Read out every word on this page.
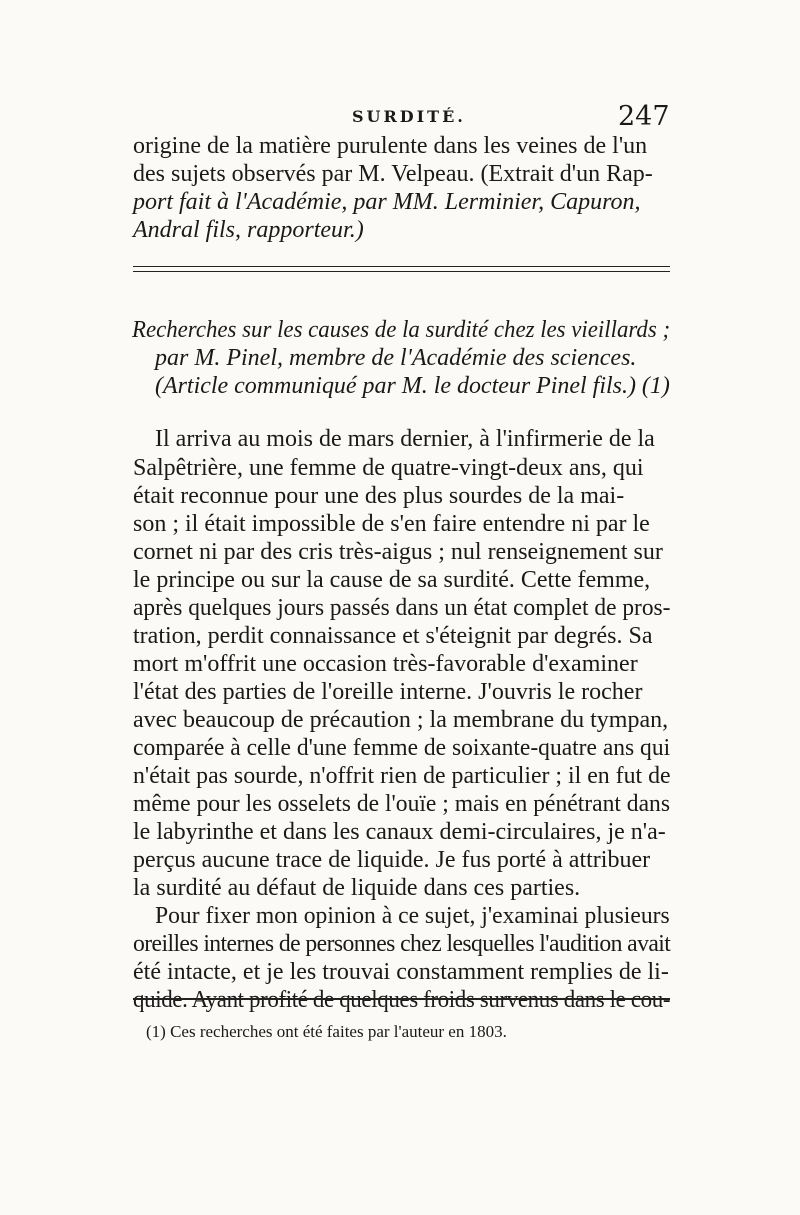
SURDITÉ.	247
origine de la matière purulente dans les veines de l'un
des sujets observés par M. Velpeau. (Extrait d'un Rap-
port fait à l'Académie, par MM. Lerminier, Capuron,
Andral fils, rapporteur.)
Recherches sur les causes de la surdité chez les vieillards ;
par M. Pinel, membre de l'Académie des sciences.
(Article communiqué par M. le docteur Pinel fils.) (1)
Il arriva au mois de mars dernier, à l'infirmerie de la
Salpêtrière, une femme de quatre-vingt-deux ans, qui
était reconnue pour une des plus sourdes de la mai-
son ; il était impossible de s'en faire entendre ni par le
cornet ni par des cris très-aigus ; nul renseignement sur
le principe ou sur la cause de sa surdité. Cette femme,
après quelques jours passés dans un état complet de pros-
tration, perdit connaissance et s'éteignit par degrés. Sa
mort m'offrit une occasion très-favorable d'examiner
l'état des parties de l'oreille interne. J'ouvris le rocher
avec beaucoup de précaution ; la membrane du tympan,
comparée à celle d'une femme de soixante-quatre ans qui
n'était pas sourde, n'offrit rien de particulier ; il en fut de
même pour les osselets de l'ouïe ; mais en pénétrant dans
le labyrinthe et dans les canaux demi-circulaires, je n'a-
perçus aucune trace de liquide. Je fus porté à attribuer
la surdité au défaut de liquide dans ces parties.
Pour fixer mon opinion à ce sujet, j'examinai plusieurs
oreilles internes de personnes chez lesquelles l'audition avait
été intacte, et je les trouvai constamment remplies de li-
quide. Ayant profité de quelques froids survenus dans le cou-
(1) Ces recherches ont été faites par l'auteur en 1803.
